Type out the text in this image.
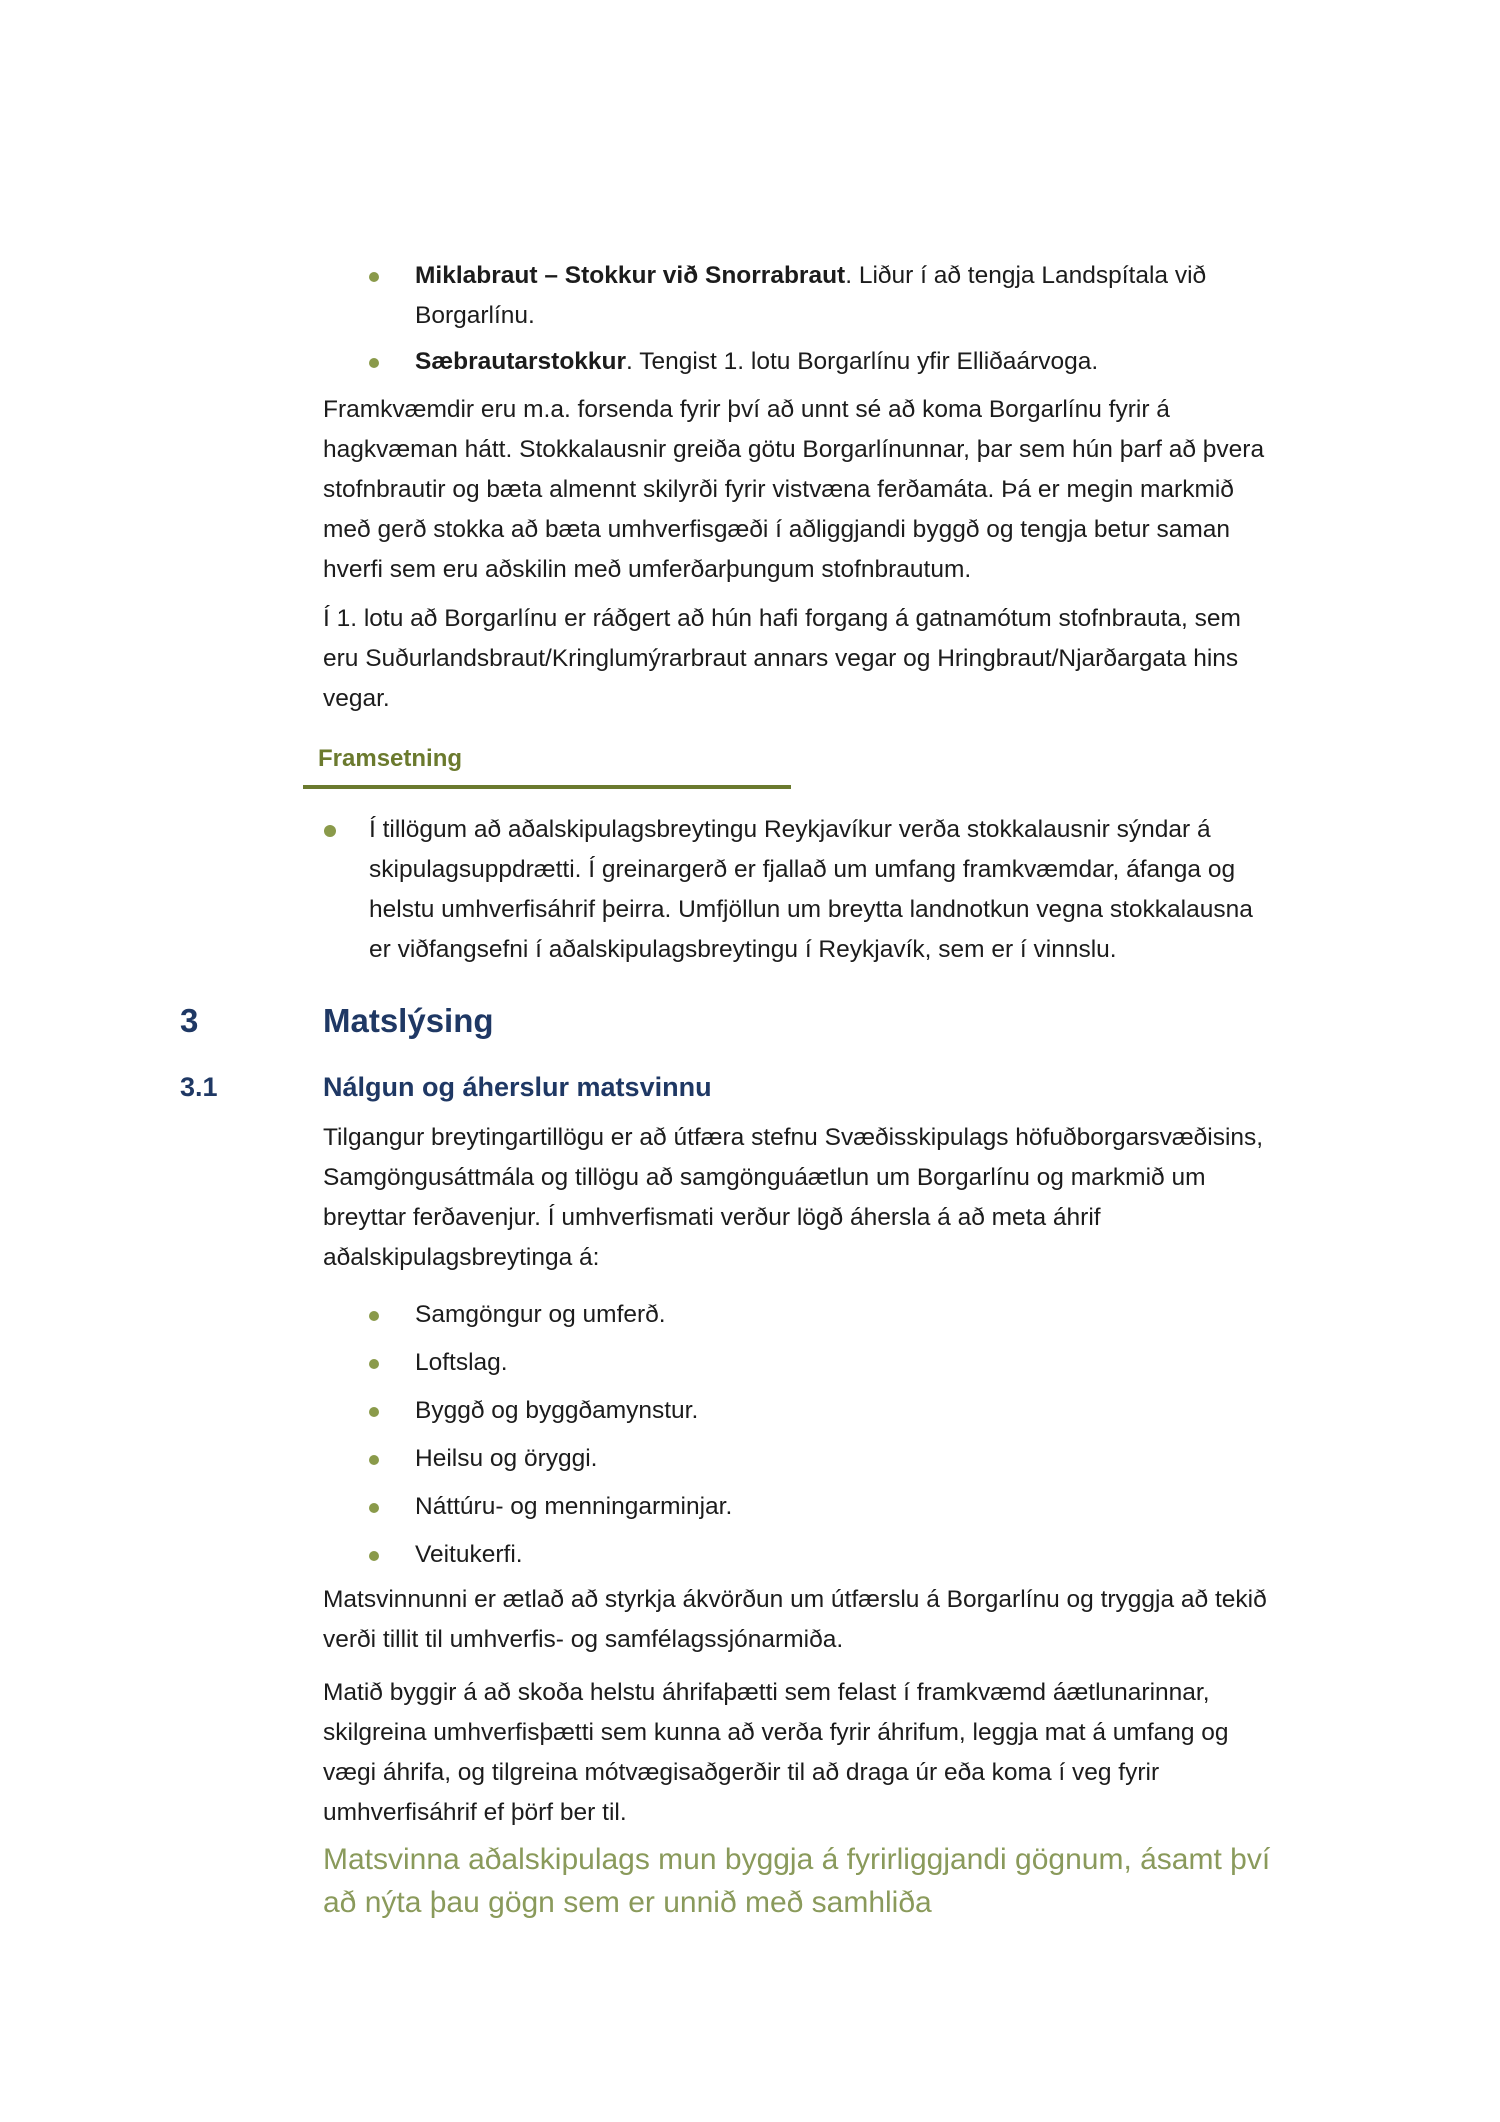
Miklabraut – Stokkur við Snorrabraut. Liður í að tengja Landspítala við
Borgarlínu.
Sæbrautarstokkur. Tengist 1. lotu Borgarlínu yfir Elliðaárvoga.

Framkvæmdir eru m.a. forsenda fyrir því að unnt sé að koma Borgarlínu fyrir á
hagkvæman hátt. Stokkalausnir greiða götu Borgarlínunnar, þar sem hún þarf að þvera
stofnbrautir og bæta almennt skilyrði fyrir vistvæna ferðamáta. Þá er megin markmið
með gerð stokka að bæta umhverfisgæði í aðliggjandi byggð og tengja betur saman
hverfi sem eru aðskilin með umferðarþungum stofnbrautum.

Í 1. lotu að Borgarlínu er ráðgert að hún hafi forgang á gatnamótum stofnbrauta, sem
eru Suðurlandsbraut/Kringlumýrarbraut annars vegar og Hringbraut/Njarðargata hins
vegar.

Framsetning

Í tillögum að aðalskipulagsbreytingu Reykjavíkur verða stokkalausnir sýndar á
skipulagsuppdrætti. Í greinargerð er fjallað um umfang framkvæmdar, áfanga og
helstu umhverfisáhrif þeirra. Umfjöllun um breytta landnotkun vegna stokkalausna
er viðfangsefni í aðalskipulagsbreytingu í Reykjavík, sem er í vinnslu.

3	Matslýsing
3.1	Nálgun og áherslur matsvinnu

Tilgangur breytingartillögu er að útfæra stefnu Svæðisskipulags höfuðborgarsvæðisins,
Samgöngusáttmála og tillögu að samgönguáætlun um Borgarlínu og markmið um
breyttar ferðavenjur. Í umhverfismati verður lögð áhersla á að meta áhrif
aðalskipulagsbreytinga á:

Samgöngur og umferð.
Loftslag.
Byggð og byggðamynstur.
Heilsu og öryggi.
Náttúru- og menningarminjar.
Veitukerfi.

Matsvinnunni er ætlað að styrkja ákvörðun um útfærslu á Borgarlínu og tryggja að tekið
verði tillit til umhverfis- og samfélagssjónarmiða.

Matið byggir á að skoða helstu áhrifaþætti sem felast í framkvæmd áætlunarinnar,
skilgreina umhverfisþætti sem kunna að verða fyrir áhrifum, leggja mat á umfang og
vægi áhrifa, og tilgreina mótvægisaðgerðir til að draga úr eða koma í veg fyrir
umhverfisáhrif ef þörf ber til.

Matsvinna aðalskipulags mun byggja á fyrirliggjandi gögnum, ásamt því
að nýta þau gögn sem er unnið með samhliða
